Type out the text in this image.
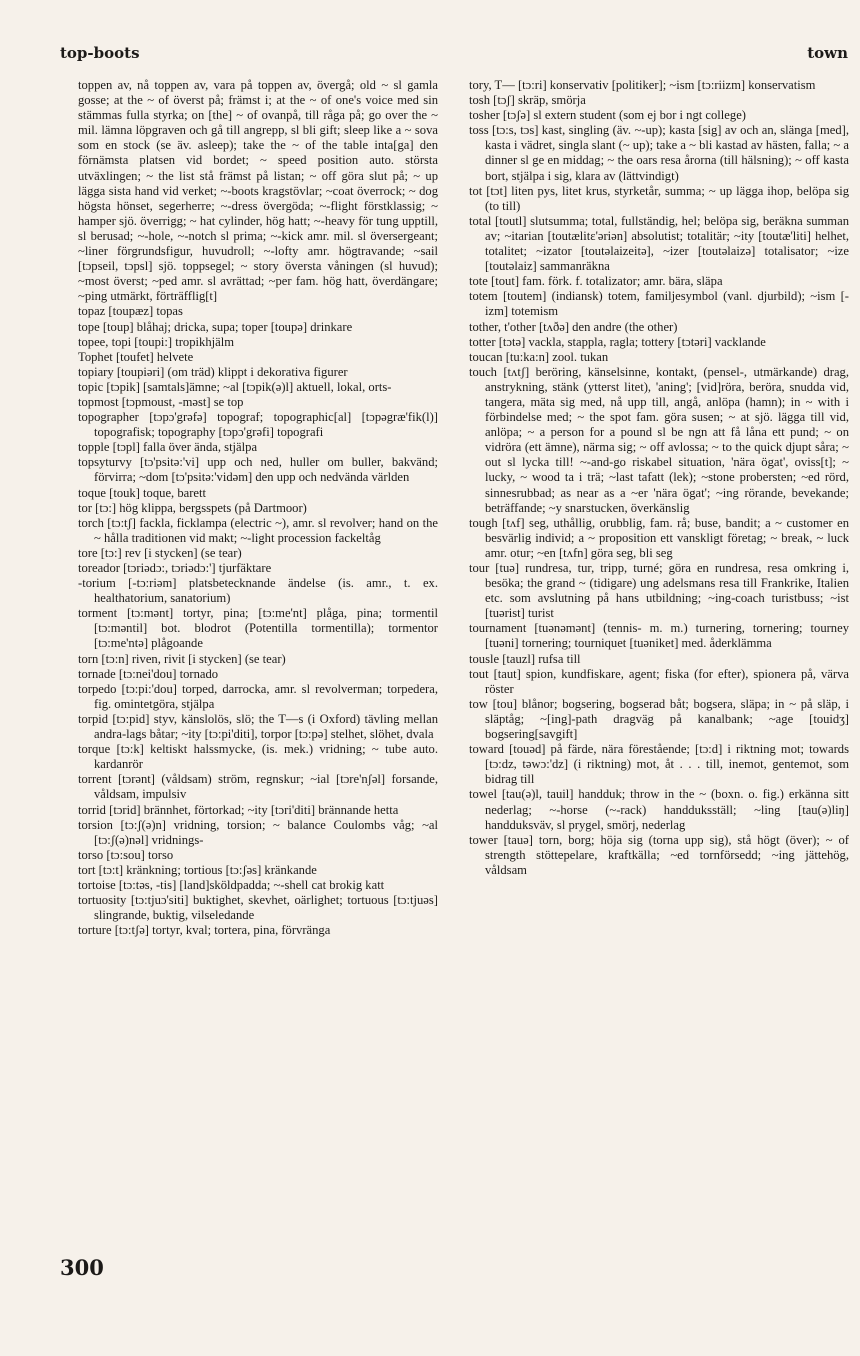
top-boots	town

toppen av, nå toppen av, vara på toppen av, övergå; old ~ sl gamla gosse; at the ~ of överst på; främst i; at the ~ of one's voice med sin stämmas fulla styrka; on [the] ~ of ovanpå, till råga på; go over the ~ mil. lämna löpgraven och gå till angrepp, sl bli gift; sleep like a ~ sova som en stock (se äv. asleep); take the ~ of the table inta[ga] den förnämsta platsen vid bordet; ~ speed position auto. största utväxlingen; ~ the list stå främst på listan; ~ off göra slut på; ~ up lägga sista hand vid verket; ~-boots kragstövlar; ~coat överrock; ~ dog högsta hönset, segerherre; ~-dress övergöda; ~-flight förstklassig; ~ hamper sjö. överrigg; ~ hat cylinder, hög hatt; ~-heavy för tung upptill, sl berusad; ~-hole, ~-notch sl prima; ~-kick amr. mil. sl översergeant; ~liner förgrundsfigur, huvudroll; ~-lofty amr. högtravande; ~sail [tɔpseil, tɔpsl] sjö. toppsegel; ~ story översta våningen (sl huvud); ~most överst; ~ped amr. sl avrättad; ~per fam. hög hatt, överdängare; ~ping utmärkt, förträfflig[t]

topaz [toupæz] topas

tope [toup] blåhaj; dricka, supa; toper [toupə] drinkare

topee, topi [toupi:] tropikhjälm

Tophet [toufet] helvete

topiary [toupiəri] (om träd) klippt i dekorativa figurer

topic [tɔpik] [samtals]ämne; ~al [tɔpik(ə)l] aktuell, lokal, orts-

topmost [tɔpmoust, -məst] se top

topographer [tɔpɔ'grəfə] topograf; topographic[al] [tɔpəgræ'fik(l)] topografisk; topography [tɔpɔ'grəfi] topografi

topple [tɔpl] falla över ända, stjälpa

topsyturvy [tɔ'psitə:'vi] upp och ned, huller om buller, bakvänd; förvirra; ~dom [tɔ'psitə:'vidəm] den upp och nedvända världen

toque [touk] toque, barett

tor [tɔ:] hög klippa, bergsspets (på Dartmoor)

torch [tɔ:tʃ] fackla, ficklampa (electric ~), amr. sl revolver; hand on the ~ hålla traditionen vid makt; ~-light procession fackeltåg

tore [tɔ:] rev [i stycken] (se tear)

toreador [tɔriədɔ:, tɔriədɔ:'] tjurfäktare

-torium [-tɔ:riəm] platsbetecknande ändelse (is. amr., t. ex. healthatorium, sanatorium)

torment [tɔ:mənt] tortyr, pina; [tɔ:me'nt] plåga, pina; tormentil [tɔ:məntil] bot. blodrot (Potentilla tormentilla); tormentor [tɔ:me'ntə] plågoande

torn [tɔ:n] riven, rivit [i stycken] (se tear)

tornade [tɔ:nei'dou] tornado

torpedo [tɔ:pi:'dou] torped, darrocka, amr. sl revolverman; torpedera, fig. omintetgöra, stjälpa

torpid [tɔ:pid] styv, känslolös, slö; the T—s (i Oxford) tävling mellan andra-lags båtar; ~ity [tɔ:pi'diti], torpor [tɔ:pə] stelhet, slöhet, dvala

torque [tɔ:k] keltiskt halssmycke, (is. mek.) vridning; ~ tube auto. kardanrör

torrent [tɔrənt] (våldsam) ström, regnskur; ~ial [tɔre'nʃəl] forsande, våldsam, impulsiv

torrid [tɔrid] brännhet, förtorkad; ~ity [tɔri'diti] brännande hetta

torsion [tɔ:ʃ(ə)n] vridning, torsion; ~ balance Coulombs våg; ~al [tɔ:ʃ(ə)nəl] vridnings-

torso [tɔ:sou] torso

tort [tɔ:t] kränkning; tortious [tɔ:ʃəs] kränkande

tortoise [tɔ:təs, -tis] [land]sköldpadda; ~-shell cat brokig katt

tortuosity [tɔ:tjuɔ'siti] buktighet, skevhet, oärlighet; tortuous [tɔ:tjuəs] slingrande, buktig, vilseledande

torture [tɔ:tʃə] tortyr, kval; tortera, pina, förvränga

tory, T— [tɔ:ri] konservativ [politiker]; ~ism [tɔ:riizm] konservatism

tosh [tɔʃ] skräp, smörja

tosher [tɔʃə] sl extern student (som ej bor i ngt college)

toss [tɔ:s, tɔs] kast, singling (äv. ~-up); kasta [sig] av och an, slänga [med], kasta i vädret, singla slant (~ up); take a ~ bli kastad av hästen, falla; ~ a dinner sl ge en middag; ~ the oars resa årorna (till hälsning); ~ off kasta bort, stjälpa i sig, klara av (lättvindigt)

tot [tɔt] liten pys, litet krus, styrketår, summa; ~ up lägga ihop, belöpa sig (to till)

total [toutl] slutsumma; total, fullständig, hel; belöpa sig, beräkna summan av; ~itarian [toutælitɛ'əriən] absolutist; totalitär; ~ity [toutæ'liti] helhet, totalitet; ~izator [toutəlaizeitə], ~izer [toutəlaizə] totalisator; ~ize [toutəlaiz] sammanräkna

tote [tout] fam. förk. f. totalizator; amr. bära, släpa

totem [toutem] (indiansk) totem, familjesymbol (vanl. djurbild); ~ism [-izm] totemism

tother, t'other [tʌðə] den andre (the other)

totter [tɔtə] vackla, stappla, ragla; tottery [tɔtəri] vacklande

toucan [tu:ka:n] zool. tukan

touch [tʌtʃ] beröring, känselsinne, kontakt, (pensel-, utmärkande) drag, anstrykning, stänk (ytterst litet), 'aning'; [vid]röra, beröra, snudda vid, tangera, mäta sig med, nå upp till, angå, anlöpa (hamn); in ~ with i förbindelse med; ~ the spot fam. göra susen; ~ at sjö. lägga till vid, anlöpa; ~ a person for a pound sl be ngn att få låna ett pund; ~ on vidröra (ett ämne), närma sig; ~ off avlossa; ~ to the quick djupt såra; ~ out sl lycka till! ~-and-go riskabel situation, 'nära ögat', oviss[t]; ~ lucky, ~ wood ta i trä; ~last tafatt (lek); ~stone probersten; ~ed rörd, sinnesrubbad; as near as a ~er 'nära ögat'; ~ing rörande, bevekande; beträffande; ~y snarstucken, överkänslig

tough [tʌf] seg, uthållig, orubblig, fam. rå; buse, bandit; a ~ customer en besvärlig individ; a ~ proposition ett vanskligt företag; ~ break, ~ luck amr. otur; ~en [tʌfn] göra seg, bli seg

tour [tuə] rundresa, tur, tripp, turné; göra en rundresa, resa omkring i, besöka; the grand ~ (tidigare) ung adelsmans resa till Frankrike, Italien etc. som avslutning på hans utbildning; ~ing-coach turistbuss; ~ist [tuərist] turist

tournament [tuənəmənt] (tennis- m. m.) turnering, tornering; tourney [tuəni] tornering; tourniquet [tuəniket] med. åderklämma

tousle [tauzl] rufsa till

tout [taut] spion, kundfiskare, agent; fiska (for efter), spionera på, värva röster

tow [tou] blånor; bogsering, bogserad båt; bogsera, släpa; in ~ på släp, i släptåg; ~[ing]-path dragväg på kanalbank; ~age [touidʒ] bogsering[savgift]

toward [touəd] på färde, nära förestående; [tɔ:d] i riktning mot; towards [tɔ:dz, təwɔ:'dz] (i riktning) mot, åt . . . till, inemot, gentemot, som bidrag till

towel [tau(ə)l, tauil] handduk; throw in the ~ (boxn. o. fig.) erkänna sitt nederlag; ~-horse (~-rack) handduksställ; ~ling [tau(ə)liŋ] handduksväv, sl prygel, smörj, nederlag

tower [tauə] torn, borg; höja sig (torna upp sig), stå högt (över); ~ of strength stöttepelare, kraftkälla; ~ed tornförsedd; ~ing jättehög, våldsam

300
